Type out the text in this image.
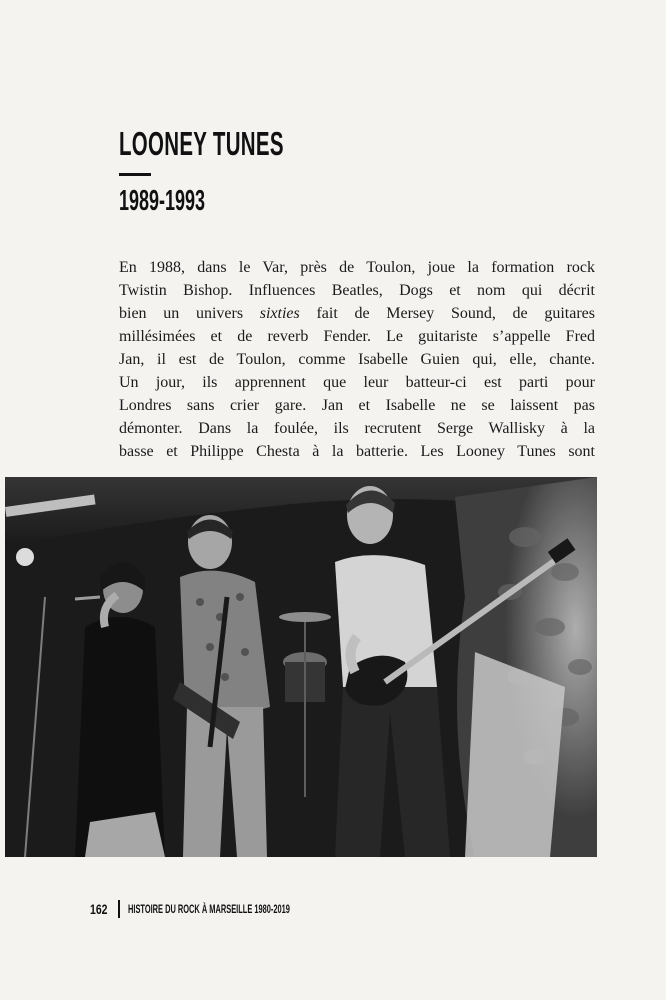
LOONEY TUNES
1989-1993
En 1988, dans le Var, près de Toulon, joue la formation rock
Twistin Bishop. Influences Beatles, Dogs et nom qui décrit
bien un univers sixties fait de Mersey Sound, de guitares
millésimées et de reverb Fender. Le guitariste s’appelle Fred
Jan, il est de Toulon, comme Isabelle Guien qui, elle, chante.
Un jour, ils apprennent que leur batteur-ci est parti pour
Londres sans crier gare. Jan et Isabelle ne se laissent pas
démonter. Dans la foulée, ils recrutent Serge Wallisky à la
basse et Philippe Chesta à la batterie. Les Looney Tunes sont
162 HISTOIRE DU ROCK À MARSEILLE 1980-2019
